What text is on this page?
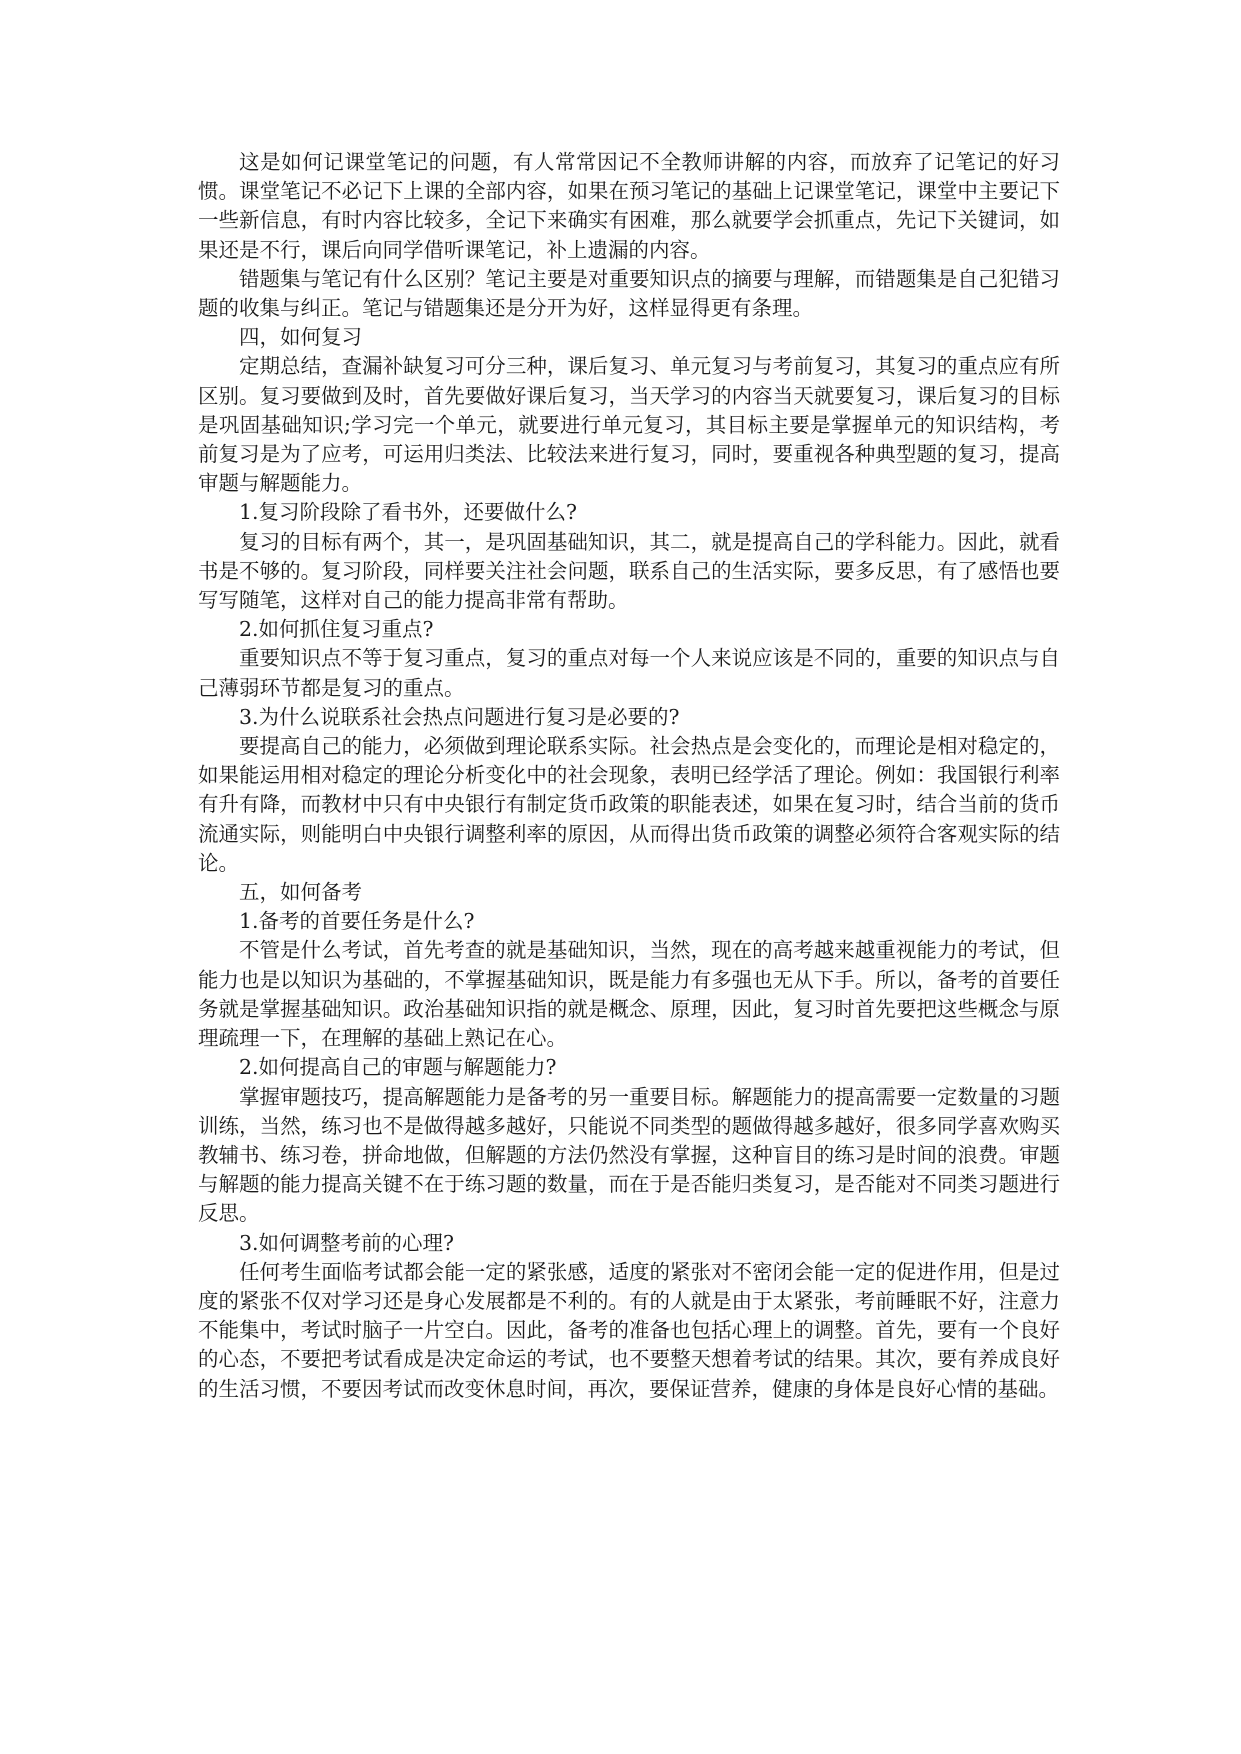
这是如何记课堂笔记的问题，有人常常因记不全教师讲解的内容，而放弃了记笔记的好习惯。课堂笔记不必记下上课的全部内容，如果在预习笔记的基础上记课堂笔记，课堂中主要记下一些新信息，有时内容比较多，全记下来确实有困难，那么就要学会抓重点，先记下关键词，如果还是不行，课后向同学借听课笔记，补上遗漏的内容。

错题集与笔记有什么区别？笔记主要是对重要知识点的摘要与理解，而错题集是自己犯错习题的收集与纠正。笔记与错题集还是分开为好，这样显得更有条理。

四，如何复习

定期总结，查漏补缺复习可分三种，课后复习、单元复习与考前复习，其复习的重点应有所区别。复习要做到及时，首先要做好课后复习，当天学习的内容当天就要复习，课后复习的目标是巩固基础知识;学习完一个单元，就要进行单元复习，其目标主要是掌握单元的知识结构，考前复习是为了应考，可运用归类法、比较法来进行复习，同时，要重视各种典型题的复习，提高审题与解题能力。

1.复习阶段除了看书外，还要做什么?

复习的目标有两个，其一，是巩固基础知识，其二，就是提高自己的学科能力。因此，就看书是不够的。复习阶段，同样要关注社会问题，联系自己的生活实际，要多反思，有了感悟也要写写随笔，这样对自己的能力提高非常有帮助。

2.如何抓住复习重点?

重要知识点不等于复习重点，复习的重点对每一个人来说应该是不同的，重要的知识点与自己薄弱环节都是复习的重点。

3.为什么说联系社会热点问题进行复习是必要的?

要提高自己的能力，必须做到理论联系实际。社会热点是会变化的，而理论是相对稳定的，如果能运用相对稳定的理论分析变化中的社会现象，表明已经学活了理论。例如：我国银行利率有升有降，而教材中只有中央银行有制定货币政策的职能表述，如果在复习时，结合当前的货币流通实际，则能明白中央银行调整利率的原因，从而得出货币政策的调整必须符合客观实际的结论。

五，如何备考

1.备考的首要任务是什么?

不管是什么考试，首先考查的就是基础知识，当然，现在的高考越来越重视能力的考试，但能力也是以知识为基础的，不掌握基础知识，既是能力有多强也无从下手。所以，备考的首要任务就是掌握基础知识。政治基础知识指的就是概念、原理，因此，复习时首先要把这些概念与原理疏理一下，在理解的基础上熟记在心。

2.如何提高自己的审题与解题能力?

掌握审题技巧，提高解题能力是备考的另一重要目标。解题能力的提高需要一定数量的习题训练，当然，练习也不是做得越多越好，只能说不同类型的题做得越多越好，很多同学喜欢购买教辅书、练习卷，拼命地做，但解题的方法仍然没有掌握，这种盲目的练习是时间的浪费。审题与解题的能力提高关键不在于练习题的数量，而在于是否能归类复习，是否能对不同类习题进行反思。

3.如何调整考前的心理?

任何考生面临考试都会能一定的紧张感，适度的紧张对不密闭会能一定的促进作用，但是过度的紧张不仅对学习还是身心发展都是不利的。有的人就是由于太紧张，考前睡眠不好，注意力不能集中，考试时脑子一片空白。因此，备考的准备也包括心理上的调整。首先，要有一个良好的心态，不要把考试看成是决定命运的考试，也不要整天想着考试的结果。其次，要有养成良好的生活习惯，不要因考试而改变休息时间，再次，要保证营养，健康的身体是良好心情的基础。
